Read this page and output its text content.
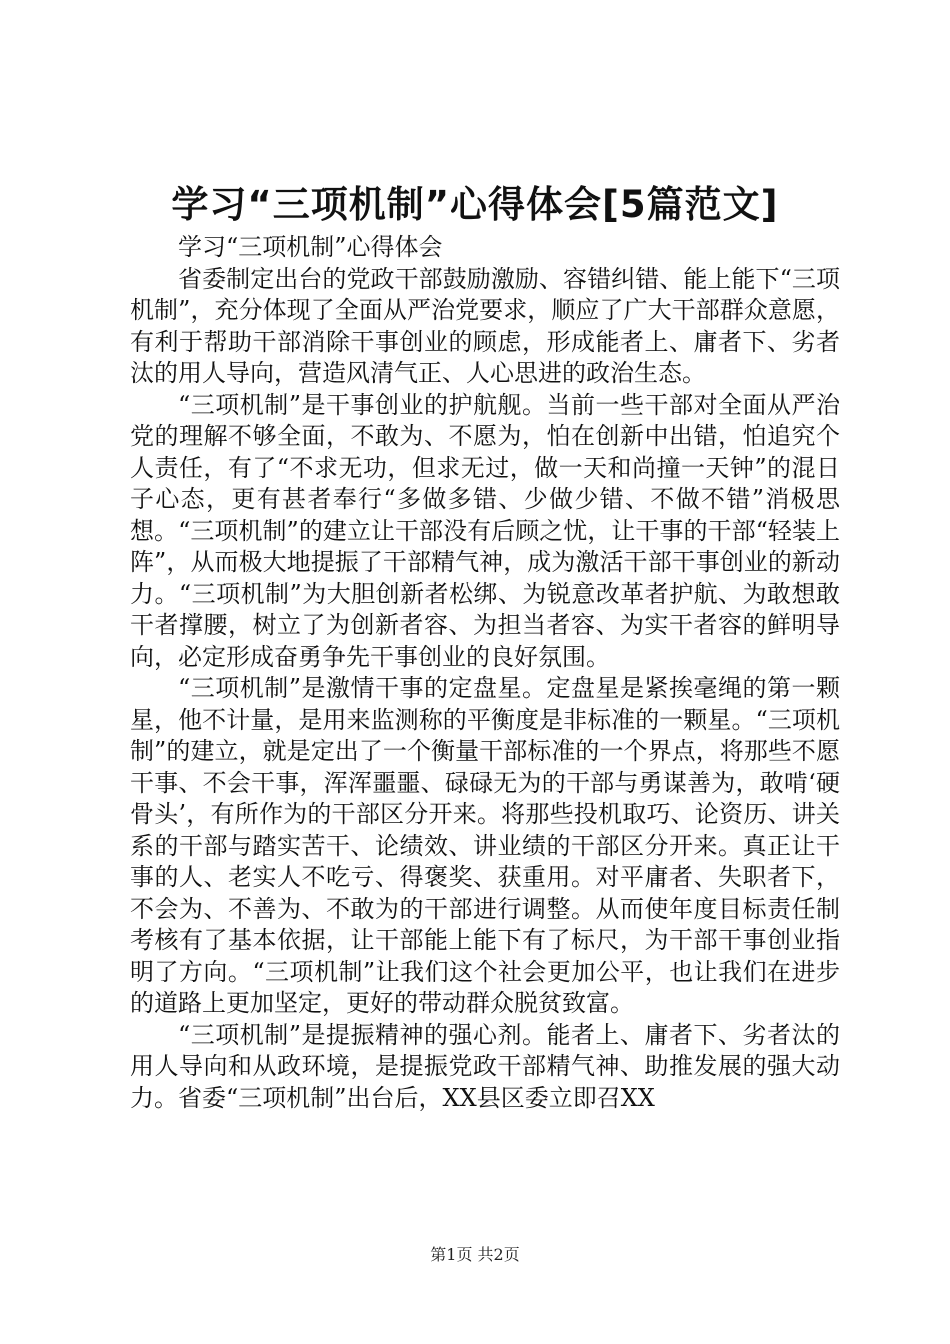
学习“三项机制”心得体会[5篇范文]

学习“三项机制”心得体会

省委制定出台的党政干部鼓励激励、容错纠错、能上能下“三项机制”，充分体现了全面从严治党要求，顺应了广大干部群众意愿，有利于帮助干部消除干事创业的顾虑，形成能者上、庸者下、劣者汰的用人导向，营造风清气正、人心思进的政治生态。

“三项机制”是干事创业的护航舰。当前一些干部对全面从严治党的理解不够全面，不敢为、不愿为，怕在创新中出错，怕追究个人责任，有了“不求无功，但求无过，做一天和尚撞一天钟”的混日子心态，更有甚者奉行“多做多错、少做少错、不做不错”消极思想。“三项机制”的建立让干部没有后顾之忧，让干事的干部“轻装上阵”，从而极大地提振了干部精气神，成为激活干部干事创业的新动力。“三项机制”为大胆创新者松绑、为锐意改革者护航、为敢想敢干者撑腰，树立了为创新者容、为担当者容、为实干者容的鲜明导向，必定形成奋勇争先干事创业的良好氛围。

“三项机制”是激情干事的定盘星。定盘星是紧挨毫绳的第一颗星，他不计量，是用来监测称的平衡度是非标准的一颗星。“三项机制”的建立，就是定出了一个衡量干部标准的一个界点，将那些不愿干事、不会干事，浑浑噩噩、碌碌无为的干部与勇谋善为，敢啃‘硬骨头’，有所作为的干部区分开来。将那些投机取巧、论资历、讲关系的干部与踏实苦干、论绩效、讲业绩的干部区分开来。真正让干事的人、老实人不吃亏、得褒奖、获重用。对平庸者、失职者下，不会为、不善为、不敢为的干部进行调整。从而使年度目标责任制考核有了基本依据，让干部能上能下有了标尺，为干部干事创业指明了方向。“三项机制”让我们这个社会更加公平，也让我们在进步的道路上更加坚定，更好的带动群众脱贫致富。

“三项机制”是提振精神的强心剂。能者上、庸者下、劣者汰的用人导向和从政环境，是提振党政干部精气神、助推发展的强大动力。省委“三项机制”出台后，XX县区委立即召XX

第1页 共2页
